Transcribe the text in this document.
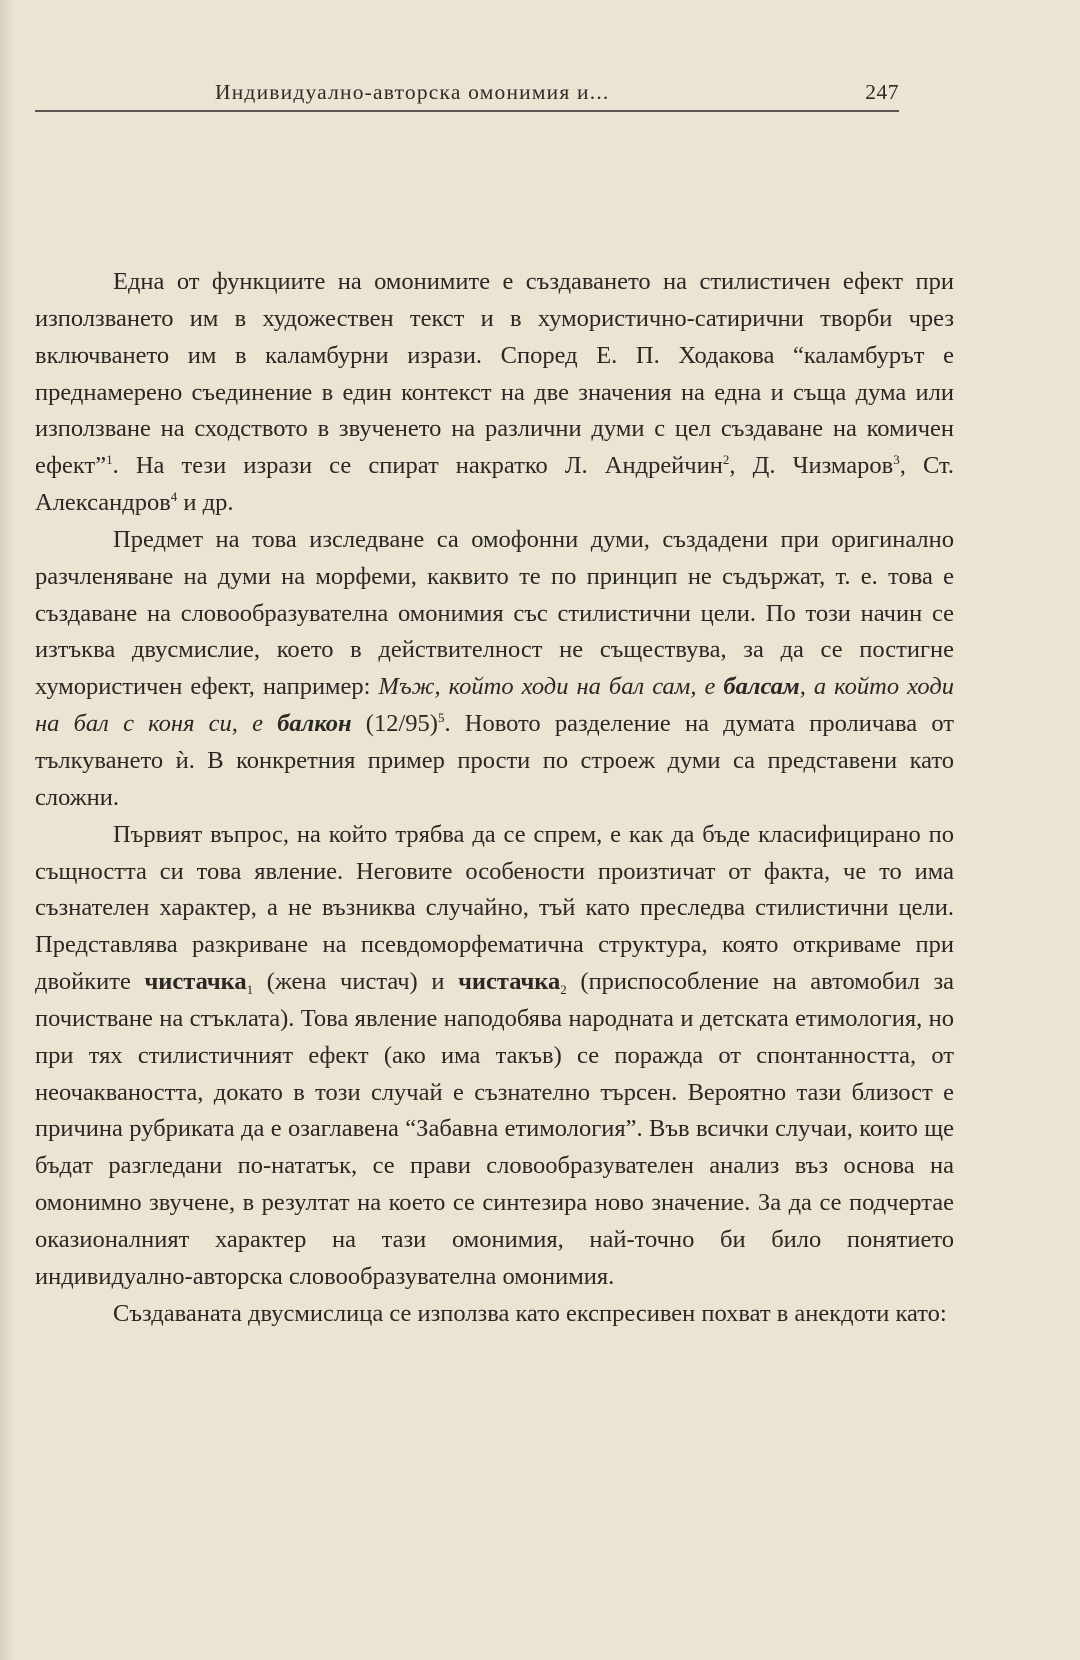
Индивидуално-авторска омонимия и...	247

Една от функциите на омонимите е създаването на стилистичен ефект при използването им в художествен текст и в хумористично-сатирични творби чрез включването им в каламбурни изрази. Според Е. П. Ходакова “каламбурът е преднамерено съединение в един контекст на две значения на една и съща дума или използване на сходството в звученето на различни думи с цел създаване на комичен ефект”$^1$. На тези изрази се спират накратко Л. Андрейчин$^2$, Д. Чизмаров$^3$, Ст. Александров$^4$ и др.

Предмет на това изследване са омофонни думи, създадени при оригинално разчленяване на думи на морфеми, каквито те по принцип не съдържат, т. е. това е създаване на словообразувателна омонимия със стилистични цели. По този начин се изтъква двусмислие, което в действителност не съществува, за да се постигне хумористичен ефект, например: Мъж, който ходи на бал сам, е балсам, а който ходи на бал с коня си, е балкон $(12/95)^5$. Новото разделение на думата проличава от тълкуването ѝ. В конкретния пример прости по строеж думи са представени като сложни.

Първият въпрос, на който трябва да се спрем, е как да бъде класифицирано по същността си това явление. Неговите особености произтичат от факта, че то има съзнателен характер, а не възниква случайно, тъй като преследва стилистични цели. Представлява разкриване на псевдоморфематична структура, която откриваме при двойките чистачка$_1$ (жена чистач) и чистачка$_2$ (приспособление на автомобил за почистване на стъклата). Това явление наподобява народната и детската етимология, но при тях стилистичният ефект (ако има такъв) се поражда от спонтанността, от неочакваността, докато в този случай е съзнателно търсен. Вероятно тази близост е причина рубриката да е озаглавена “Забавна етимология”. Във всички случаи, които ще бъдат разгледани по-нататък, се прави словообразувателен анализ въз основа на омонимно звучене, в резултат на което се синтезира ново значение. За да се подчертае оказионалният характер на тази омонимия, най-точно би било понятието индивидуално-авторска словообразувателна омонимия.

Създаваната двусмислица се използва като експресивен похват в анекдоти като:
